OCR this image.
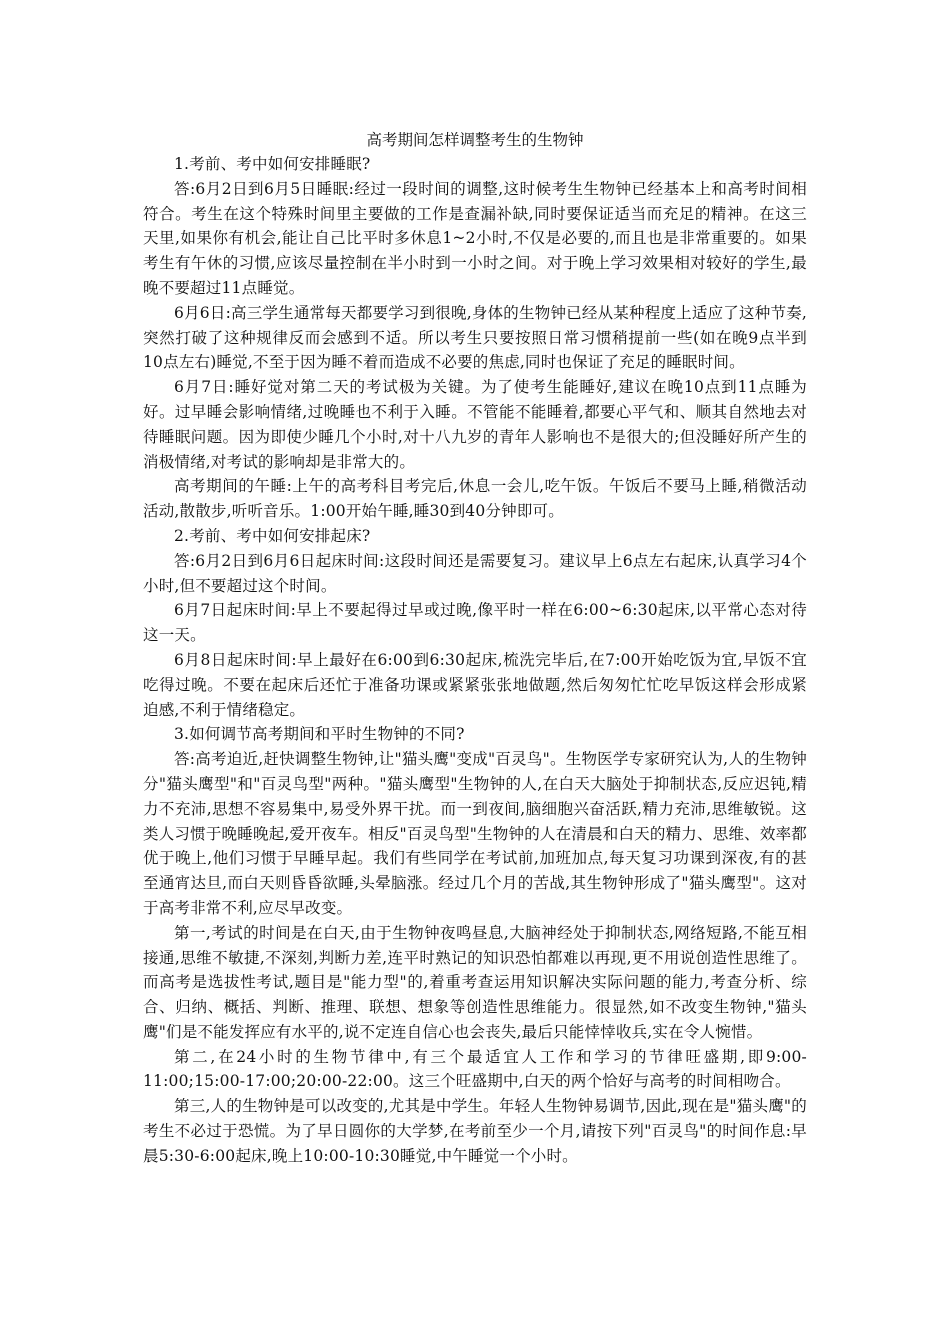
高考期间怎样调整考生的生物钟

1.考前、考中如何安排睡眠?

答:6月2日到6月5日睡眠:经过一段时间的调整,这时候考生生物钟已经基本上和高考时间相符合。考生在这个特殊时间里主要做的工作是查漏补缺,同时要保证适当而充足的精神。在这三天里,如果你有机会,能让自己比平时多休息1~2小时,不仅是必要的,而且也是非常重要的。如果考生有午休的习惯,应该尽量控制在半小时到一小时之间。对于晚上学习效果相对较好的学生,最晚不要超过11点睡觉。

6月6日:高三学生通常每天都要学习到很晚,身体的生物钟已经从某种程度上适应了这种节奏,突然打破了这种规律反而会感到不适。所以考生只要按照日常习惯稍提前一些(如在晚9点半到10点左右)睡觉,不至于因为睡不着而造成不必要的焦虑,同时也保证了充足的睡眠时间。

6月7日:睡好觉对第二天的考试极为关键。为了使考生能睡好,建议在晚10点到11点睡为好。过早睡会影响情绪,过晚睡也不利于入睡。不管能不能睡着,都要心平气和、顺其自然地去对待睡眠问题。因为即使少睡几个小时,对十八九岁的青年人影响也不是很大的;但没睡好所产生的消极情绪,对考试的影响却是非常大的。

高考期间的午睡:上午的高考科目考完后,休息一会儿,吃午饭。午饭后不要马上睡,稍微活动活动,散散步,听听音乐。1:00开始午睡,睡30到40分钟即可。

2.考前、考中如何安排起床?

答:6月2日到6月6日起床时间:这段时间还是需要复习。建议早上6点左右起床,认真学习4个小时,但不要超过这个时间。

6月7日起床时间:早上不要起得过早或过晚,像平时一样在6:00~6:30起床,以平常心态对待这一天。

6月8日起床时间:早上最好在6:00到6:30起床,梳洗完毕后,在7:00开始吃饭为宜,早饭不宜吃得过晚。不要在起床后还忙于准备功课或紧紧张张地做题,然后匆匆忙忙吃早饭这样会形成紧迫感,不利于情绪稳定。

3.如何调节高考期间和平时生物钟的不同?

答:高考迫近,赶快调整生物钟,让"猫头鹰"变成"百灵鸟"。生物医学专家研究认为,人的生物钟分"猫头鹰型"和"百灵鸟型"两种。"猫头鹰型"生物钟的人,在白天大脑处于抑制状态,反应迟钝,精力不充沛,思想不容易集中,易受外界干扰。而一到夜间,脑细胞兴奋活跃,精力充沛,思维敏锐。这类人习惯于晚睡晚起,爱开夜车。相反"百灵鸟型"生物钟的人在清晨和白天的精力、思维、效率都优于晚上,他们习惯于早睡早起。我们有些同学在考试前,加班加点,每天复习功课到深夜,有的甚至通宵达旦,而白天则昏昏欲睡,头晕脑涨。经过几个月的苦战,其生物钟形成了"猫头鹰型"。这对于高考非常不利,应尽早改变。

第一,考试的时间是在白天,由于生物钟夜鸣昼息,大脑神经处于抑制状态,网络短路,不能互相接通,思维不敏捷,不深刻,判断力差,连平时熟记的知识恐怕都难以再现,更不用说创造性思维了。而高考是选拔性考试,题目是"能力型"的,着重考查运用知识解决实际问题的能力,考查分析、综合、归纳、概括、判断、推理、联想、想象等创造性思维能力。很显然,如不改变生物钟,"猫头鹰"们是不能发挥应有水平的,说不定连自信心也会丧失,最后只能悻悻收兵,实在令人惋惜。

第二,在24小时的生物节律中,有三个最适宜人工作和学习的节律旺盛期,即9:00-11:00;15:00-17:00;20:00-22:00。这三个旺盛期中,白天的两个恰好与高考的时间相吻合。

第三,人的生物钟是可以改变的,尤其是中学生。年轻人生物钟易调节,因此,现在是"猫头鹰"的考生不必过于恐慌。为了早日圆你的大学梦,在考前至少一个月,请按下列"百灵鸟"的时间作息:早晨5:30-6:00起床,晚上10:00-10:30睡觉,中午睡觉一个小时。
